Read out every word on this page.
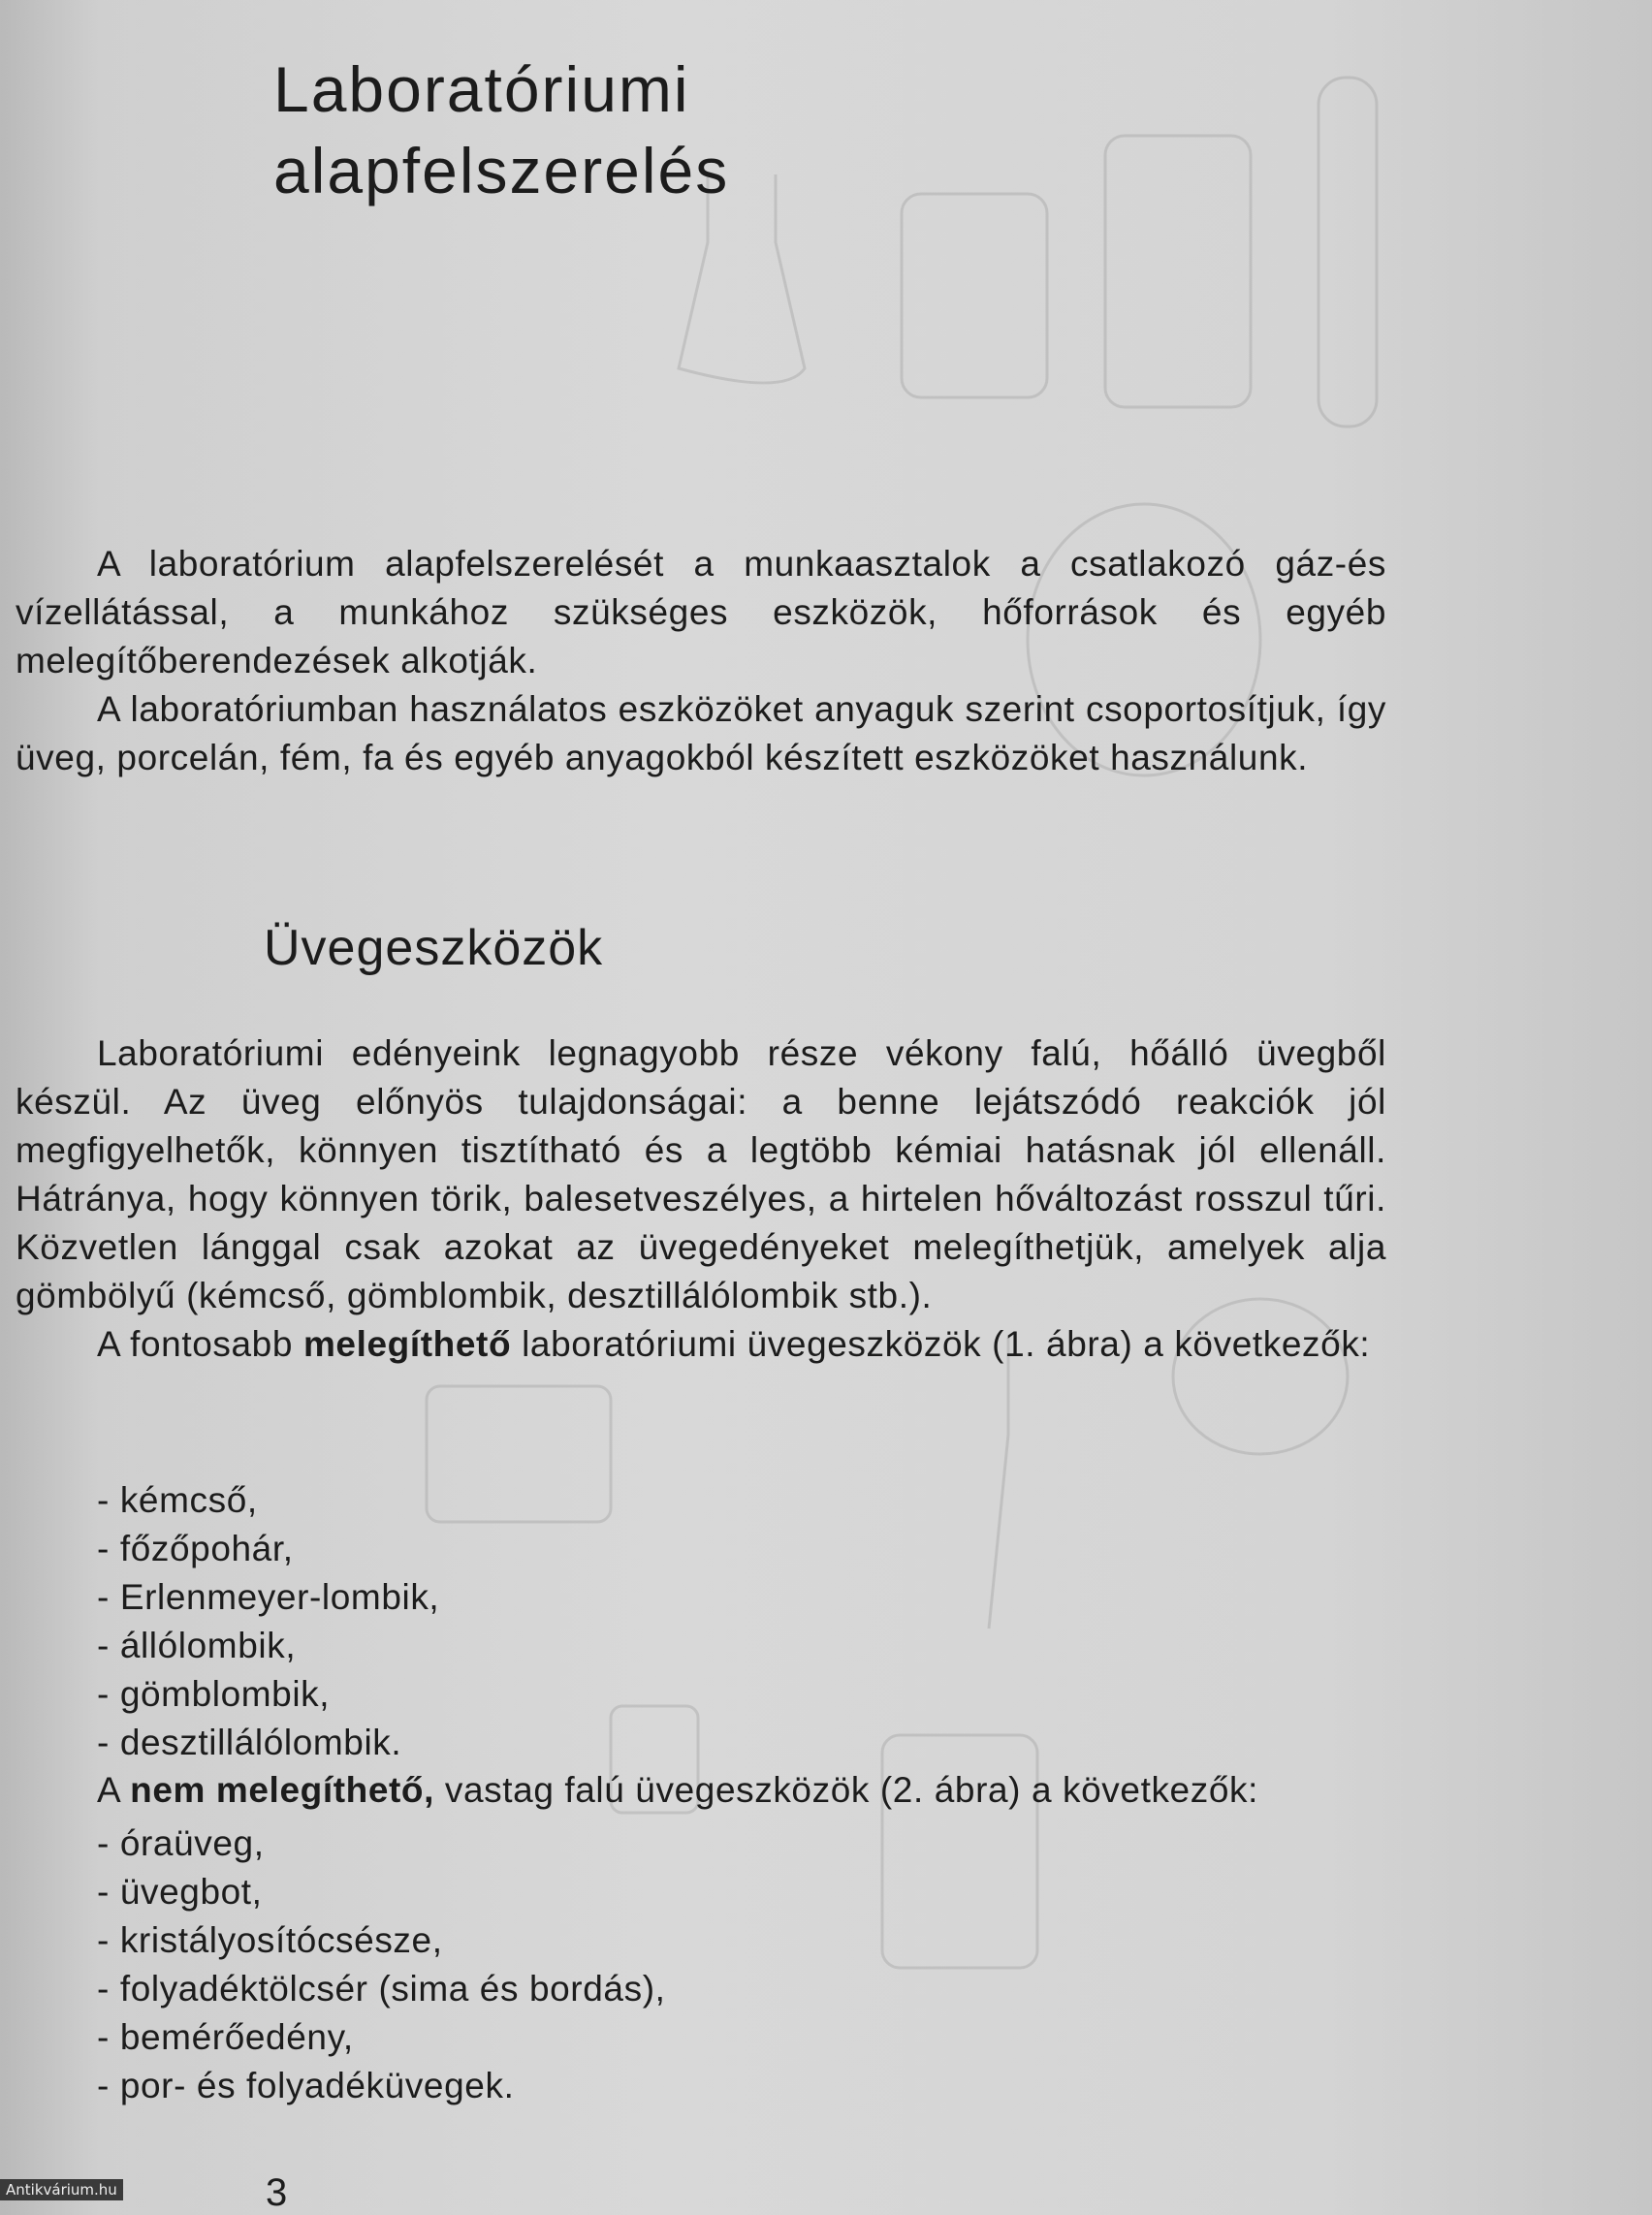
Laboratóriumi
alapfelszerelés

A laboratórium alapfelszerelését a munkaasztalok a csatlakozó gáz-és vízellátással, a munkához szükséges eszközök, hőforrások és egyéb melegítőberendezések alkotják.

A laboratóriumban használatos eszközöket anyaguk szerint csoportosítjuk, így üveg, porcelán, fém, fa és egyéb anyagokból készített eszközöket használunk.

Üvegeszközök

Laboratóriumi edényeink legnagyobb része vékony falú, hőálló üvegből készül. Az üveg előnyös tulajdonságai: a benne lejátszódó reakciók jól megfigyelhetők, könnyen tisztítható és a legtöbb kémiai hatásnak jól ellenáll. Hátránya, hogy könnyen törik, balesetveszélyes, a hirtelen hőváltozást rosszul tűri. Közvetlen lánggal csak azokat az üvegedényeket melegíthetjük, amelyek alja gömbölyű (kémcső, gömblombik, desztillálólombik stb.).

A fontosabb melegíthető laboratóriumi üvegeszközök (1. ábra) a következők:

- kémcső,
- főzőpohár,
- Erlenmeyer-lombik,
- állólombik,
- gömblombik,
- desztillálólombik.

A nem melegíthető, vastag falú üvegeszközök (2. ábra) a következők:

- óraüveg,
- üvegbot,
- kristályosítócsésze,
- folyadéktölcsér (sima és bordás),
- bemérőedény,
- por- és folyadéküvegek.

3

Antikvárium.hu
